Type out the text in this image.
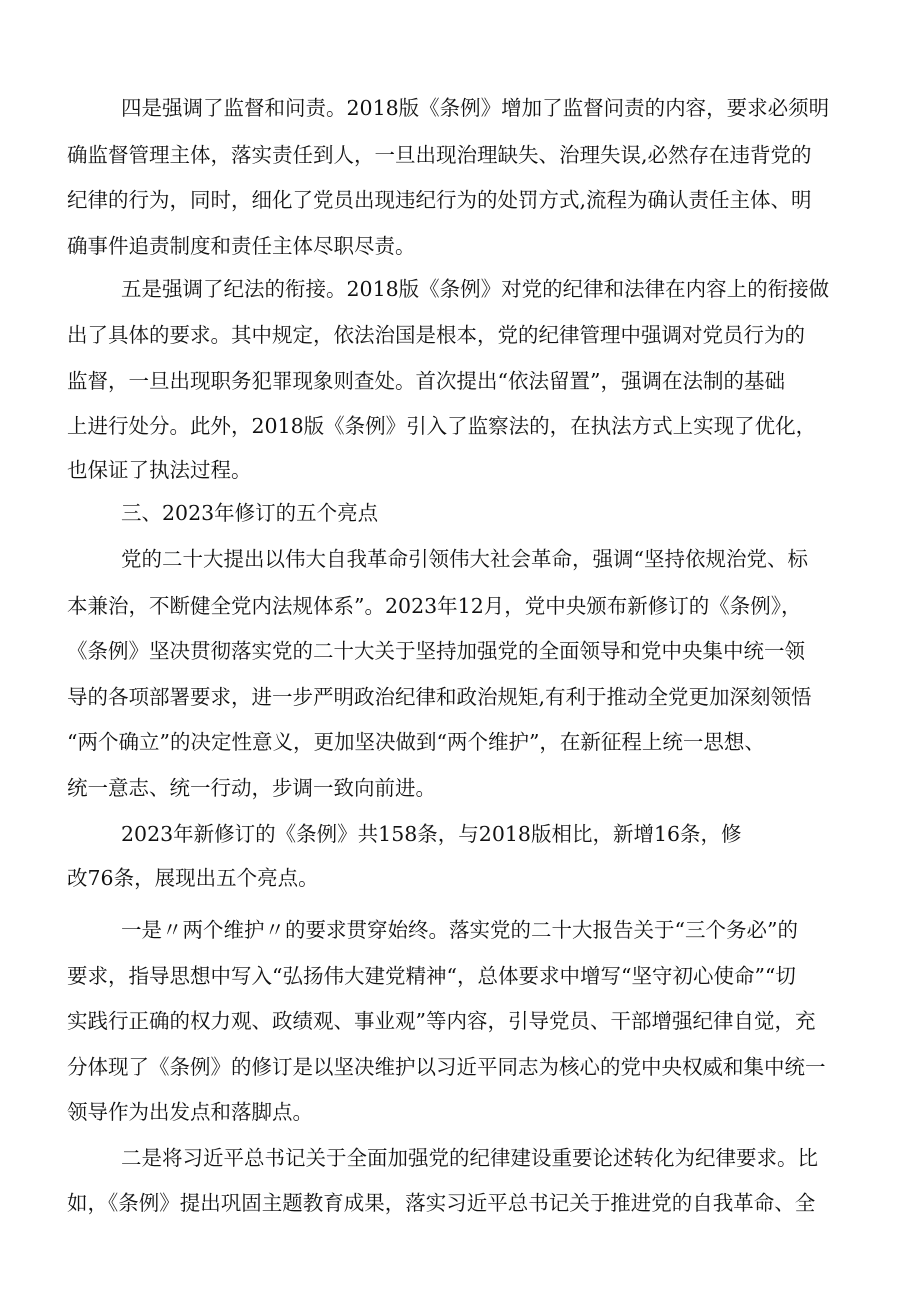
四是强调了监督和问责。2018版《条例》增加了监督问责的内容，要求必须明
确监督管理主体，落实责任到人，一旦出现治理缺失、治理失误,必然存在违背党的
纪律的行为，同时，细化了党员出现违纪行为的处罚方式,流程为确认责任主体、明
确事件追责制度和责任主体尽职尽责。
五是强调了纪法的衔接。2018版《条例》对党的纪律和法律在内容上的衔接做
出了具体的要求。其中规定，依法治国是根本，党的纪律管理中强调对党员行为的
监督，一旦出现职务犯罪现象则查处。首次提出“依法留置”，强调在法制的基础
上进行处分。此外，2018版《条例》引入了监察法的，在执法方式上实现了优化，
也保证了执法过程。
三、2023年修订的五个亮点
党的二十大提出以伟大自我革命引领伟大社会革命，强调“坚持依规治党、标
本兼治，不断健全党内法规体系”。2023年12月，党中央颁布新修订的《条例》，
《条例》坚决贯彻落实党的二十大关于坚持加强党的全面领导和党中央集中统一领
导的各项部署要求，进一步严明政治纪律和政治规矩,有利于推动全党更加深刻领悟
“两个确立”的决定性意义，更加坚决做到“两个维护”，在新征程上统一思想、
统一意志、统一行动，步调一致向前进。
2023年新修订的《条例》共158条，与2018版相比，新增16条，修
改76条，展现出五个亮点。
一是〃两个维护〃的要求贯穿始终。落实党的二十大报告关于“三个务必”的
要求，指导思想中写入“弘扬伟大建党精神“，总体要求中增写“坚守初心使命”“切
实践行正确的权力观、政绩观、事业观”等内容，引导党员、干部增强纪律自觉，充
分体现了《条例》的修订是以坚决维护以习近平同志为核心的党中央权威和集中统一
领导作为出发点和落脚点。
二是将习近平总书记关于全面加强党的纪律建设重要论述转化为纪律要求。比
如，《条例》提出巩固主题教育成果，落实习近平总书记关于推进党的自我革命、全
